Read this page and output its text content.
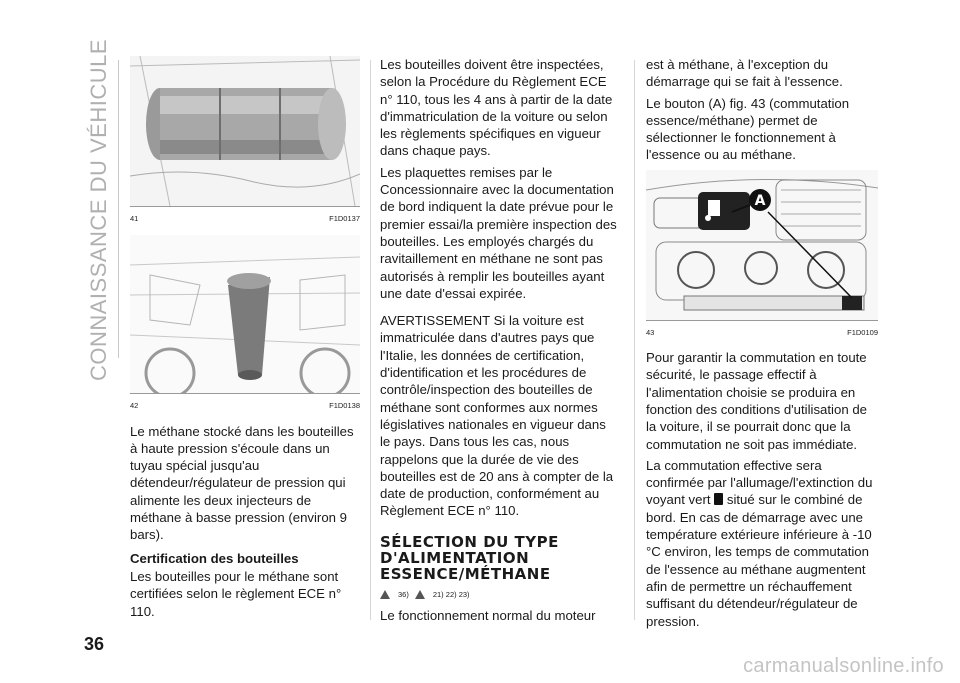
CONNAISSANCE DU VÉHICULE	41	F1D0137
42	F1D0138

Le méthane stocké dans les bouteilles à haute pression s'écoule dans un tuyau spécial jusqu'au détendeur/régulateur de pression qui alimente les deux injecteurs de méthane à basse pression (environ 9 bars).

Certification des bouteilles

Les bouteilles pour le méthane sont certifiées selon le règlement ECE n° 110.

Les bouteilles doivent être inspectées, selon la Procédure du Règlement ECE n° 110, tous les 4 ans à partir de la date d'immatriculation de la voiture ou selon les règlements spécifiques en vigueur dans chaque pays.

Les plaquettes remises par le Concessionnaire avec la documentation de bord indiquent la date prévue pour le premier essai/la première inspection des bouteilles. Les employés chargés du ravitaillement en méthane ne sont pas autorisés à remplir les bouteilles ayant une date d'essai expirée.

AVERTISSEMENT Si la voiture est immatriculée dans d'autres pays que l'Italie, les données de certification, d'identification et les procédures de contrôle/inspection des bouteilles de méthane sont conformes aux normes législatives nationales en vigueur dans le pays. Dans tous les cas, nous rappelons que la durée de vie des bouteilles est de 20 ans à compter de la date de production, conformément au Règlement ECE n° 110.

SÉLECTION DU TYPE D'ALIMENTATION ESSENCE/MÉTHANE
36)	21) 22) 23)

Le fonctionnement normal du moteur

est à méthane, à l'exception du démarrage qui se fait à l'essence.

Le bouton (A) fig. 43 (commutation essence/méthane) permet de sélectionner le fonctionnement à l'essence ou au méthane.

A
43	F1D0109

Pour garantir la commutation en toute sécurité, le passage effectif à l'alimentation choisie se produira en fonction des conditions d'utilisation de la voiture, il se pourrait donc que la commutation ne soit pas immédiate.

La commutation effective sera confirmée par l'allumage/l'extinction du voyant vert situé sur le combiné de bord. En cas de démarrage avec une température extérieure inférieure à -10 °C environ, les temps de commutation de l'essence au méthane augmentent afin de permettre un réchauffement suffisant du détendeur/régulateur de pression.

36
carmanualsonline.info
